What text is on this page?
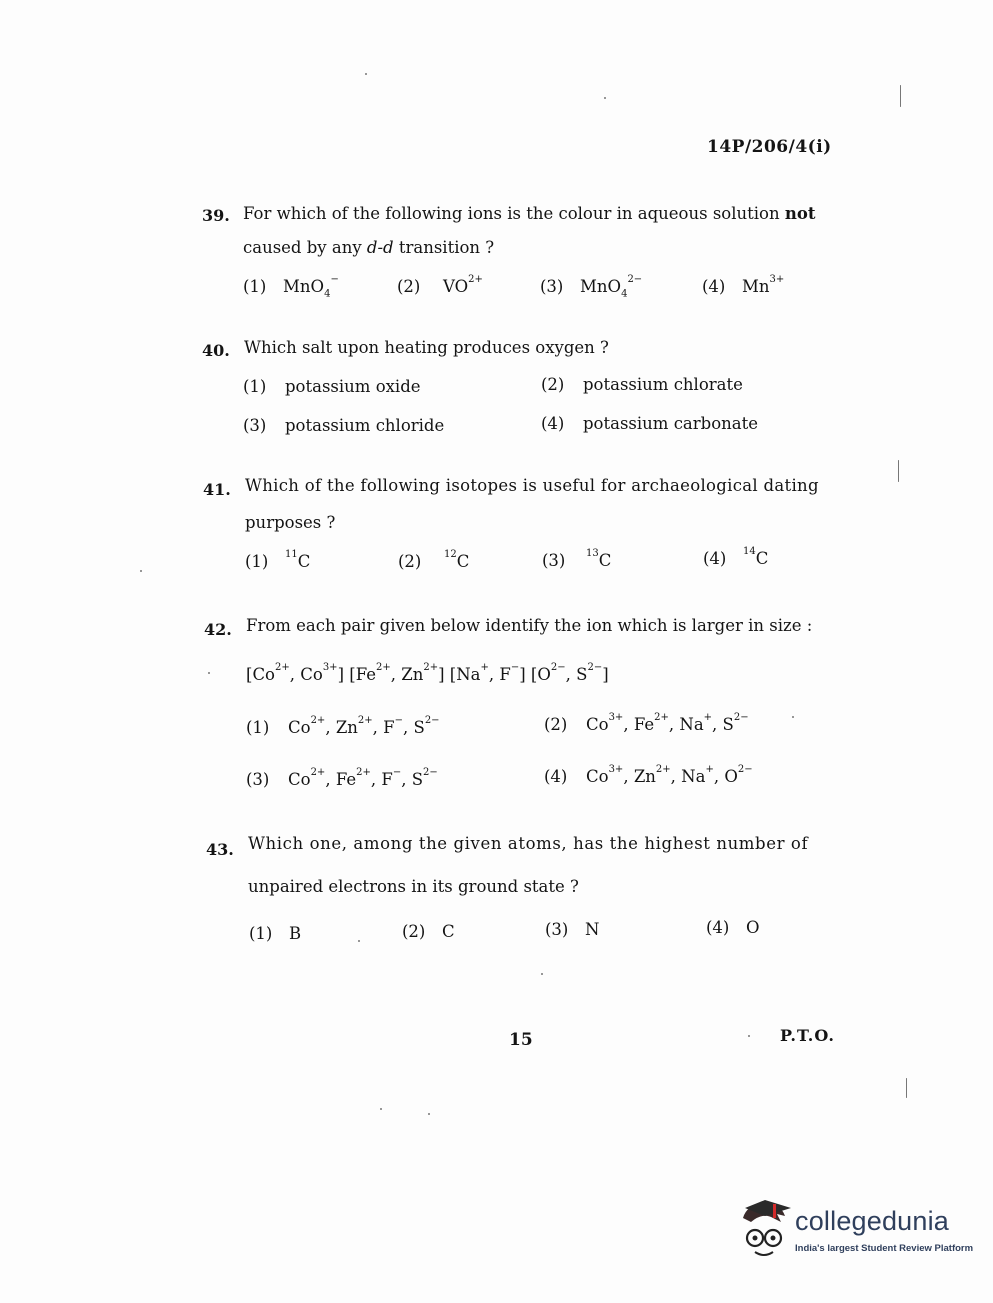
14P/206/4(i)
39. For which of the following ions is the colour in aqueous solution not
caused by any d-d transition ?
(1) MnO$_4$−	(2) $VO^{2+}$	(3) MnO$_4^{2-}$	(4) $Mn^{3+}$
40. Which salt upon heating produces oxygen ?
(1) potassium oxide	(2) potassium chlorate
(3) potassium chloride	(4) potassium carbonate
41. Which of the following isotopes is useful for archaeological dating
purposes ?
(1) $^{11}$C	(2) $^{12}$C	(3) $^{13}$C	(4) $^{14}$C
42. From each pair given below identify the ion which is larger in size :
[$Co^{2+}$, $Co^{3+}$] [$Fe^{2+}$, $Zn^{2+}$] [Na+, F−] [$O^{2-}$, $S^{2-}$]
(1) $Co^{2+}$, $Zn^{2+}$, F−, $S^{2-}$	(2) $Co^{3+}$, $Fe^{2+}$, Na+, $S^{2-}$
(3) $Co^{2+}$, $Fe^{2+}$, F−, $S^{2-}$	(4) $Co^{3+}$, $Zn^{2+}$, Na+, $O^{2-}$
43. Which one, among the given atoms, has the highest number of
unpaired electrons in its ground state ?
(1) B	(2) C	(3) N	(4) O
15	P.T.O.
collegedunia
India's largest Student Review Platform
